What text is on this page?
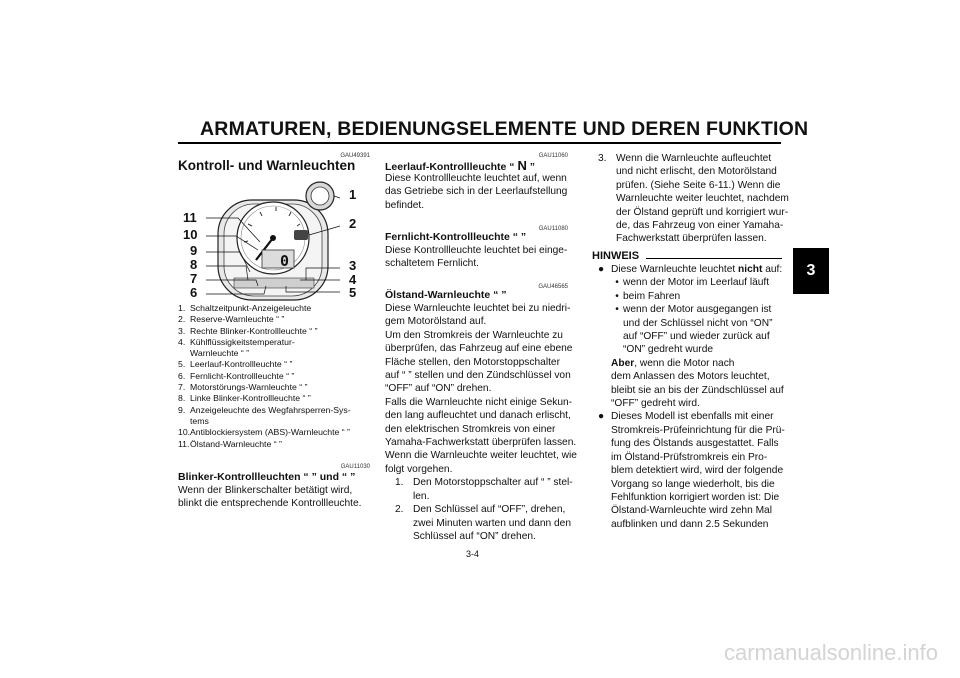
ARMATUREN, BEDIENUNGSELEMENTE UND DEREN FUNKTION
3
GAU49391
Kontroll- und Warnleuchten
0
1
2
3
4
5
6
7
8
9
10
11
1. Schaltzeitpunkt-Anzeigeleuchte
2. Reserve-Warnleuchte “ ”
3. Rechte Blinker-Kontrollleuchte “ ”
4. Kühlflüssigkeitstemperatur-
Warnleuchte “ ”
5. Leerlauf-Kontrollleuchte “ ”
6. Fernlicht-Kontrollleuchte “ ”
7. Motorstörungs-Warnleuchte “ ”
8. Linke Blinker-Kontrollleuchte “ ”
9. Anzeigeleuchte des Wegfahrsperren-Sys-
tems
10. Antiblockiersystem (ABS)-Warnleuchte “ ”
11. Ölstand-Warnleuchte “ ”
GAU11030
Blinker-Kontrollleuchten “ ” und “ ”
Wenn der Blinkerschalter betätigt wird,
blinkt die entsprechende Kontrollleuchte.
GAU11060
Leerlauf-Kontrollleuchte “ N ”
Diese Kontrollleuchte leuchtet auf, wenn
das Getriebe sich in der Leerlaufstellung
befindet.
GAU11080
Fernlicht-Kontrollleuchte “ ”
Diese Kontrollleuchte leuchtet bei einge-
schaltetem Fernlicht.
GAU46565
Ölstand-Warnleuchte “ ”
Diese Warnleuchte leuchtet bei zu niedri-
gem Motorölstand auf.
Um den Stromkreis der Warnleuchte zu
überprüfen, das Fahrzeug auf eine ebene
Fläche stellen, den Motorstoppschalter
auf “ ” stellen und den Zündschlüssel von
“OFF” auf “ON” drehen.
Falls die Warnleuchte nicht einige Sekun-
den lang aufleuchtet und danach erlischt,
den elektrischen Stromkreis von einer
Yamaha-Fachwerkstatt überprüfen lassen.
Wenn die Warnleuchte weiter leuchtet, wie
folgt vorgehen.
1. Den Motorstoppschalter auf “ ” stel-
len.
2. Den Schlüssel auf “OFF”, drehen,
zwei Minuten warten und dann den
Schlüssel auf “ON” drehen.
3. Wenn die Warnleuchte aufleuchtet
und nicht erlischt, den Motorölstand
prüfen. (Siehe Seite 6-11.) Wenn die
Warnleuchte weiter leuchtet, nachdem
der Ölstand geprüft und korrigiert wur-
de, das Fahrzeug von einer Yamaha-
Fachwerkstatt überprüfen lassen.
HINWEIS
● Diese Warnleuchte leuchtet nicht auf:
• wenn der Motor im Leerlauf läuft
• beim Fahren
• wenn der Motor ausgegangen ist
und der Schlüssel nicht von “ON”
auf “OFF” und wieder zurück auf
“ON” gedreht wurde
Aber, wenn die Motor nach
dem Anlassen des Motors leuchtet,
bleibt sie an bis der Zündschlüssel auf
“OFF” gedreht wird.
● Dieses Modell ist ebenfalls mit einer
Stromkreis-Prüfeinrichtung für die Prü-
fung des Ölstands ausgestattet. Falls
im Ölstand-Prüfstromkreis ein Pro-
blem detektiert wird, wird der folgende
Vorgang so lange wiederholt, bis die
Fehlfunktion korrigiert worden ist: Die
Ölstand-Warnleuchte wird zehn Mal
aufblinken und dann 2.5 Sekunden
3-4
carmanualsonline.info
